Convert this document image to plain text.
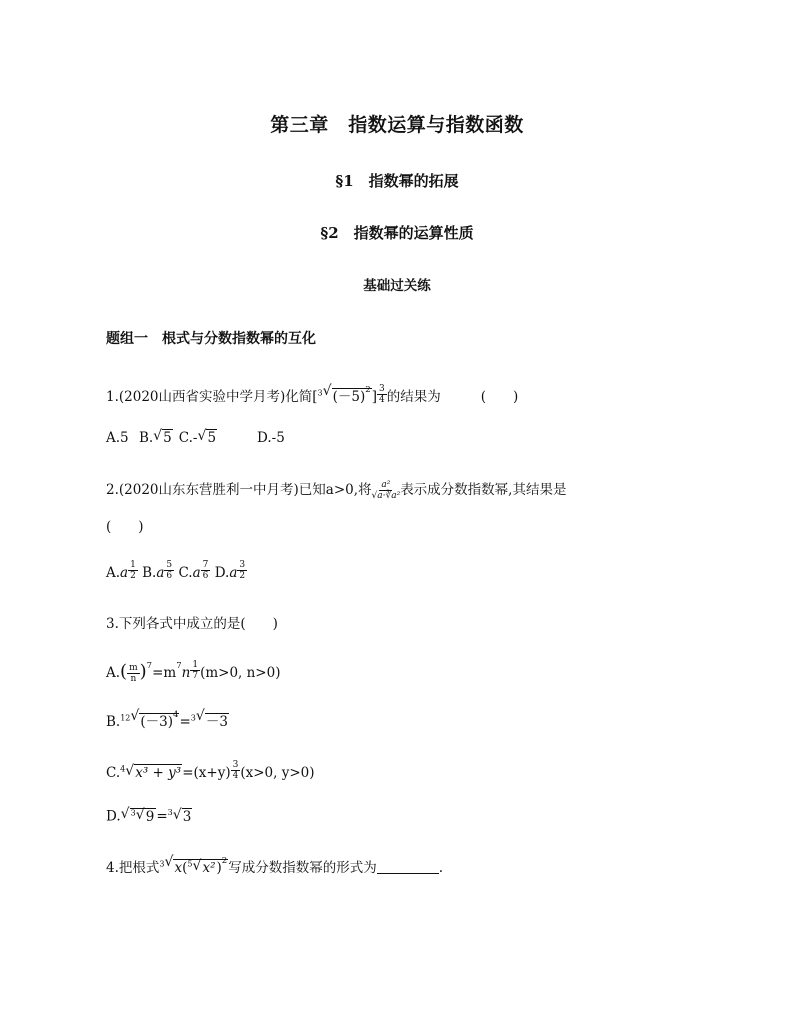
第三章　指数运算与指数函数
§1　指数幂的拓展
§2　指数幂的运算性质
基础过关练
题组一　根式与分数指数幂的互化
1.(2020山西省实验中学月考)化简[$^3$√ $(-5)^2] \frac{3}{4}$ 的结果为	(　　)
A.5 B.√ 5 C.-√ 5	D.-5
2.(2020山东东营胜利一中月考)已知a>0,将 $\frac{\text{a²}}{\text{√a·∛a²}}$ 表示成分数指数幂,其结果是
(　　)
$A.a \frac{1}{2} B.a \frac{5}{6} C.a \frac{7}{6} D.a \frac{3}{2}$
3.下列各式中成立的是(　　)
$A.( \frac{m}{n} )^7=m^7n \frac{1}{7} (m>0$, n>0)
B.$^{12}$√ $(-3)^4=^3√ -3$
C.$^4$√ $x^3 + y^3=(x+y) \frac{3}{4} (x>0$, y>0)
D.√ $^3$√ 9 =$^3$√ 3
4.把根式$^3$√ x($^5$√ x²)$^2$写成分数指数幂的形式为	.
